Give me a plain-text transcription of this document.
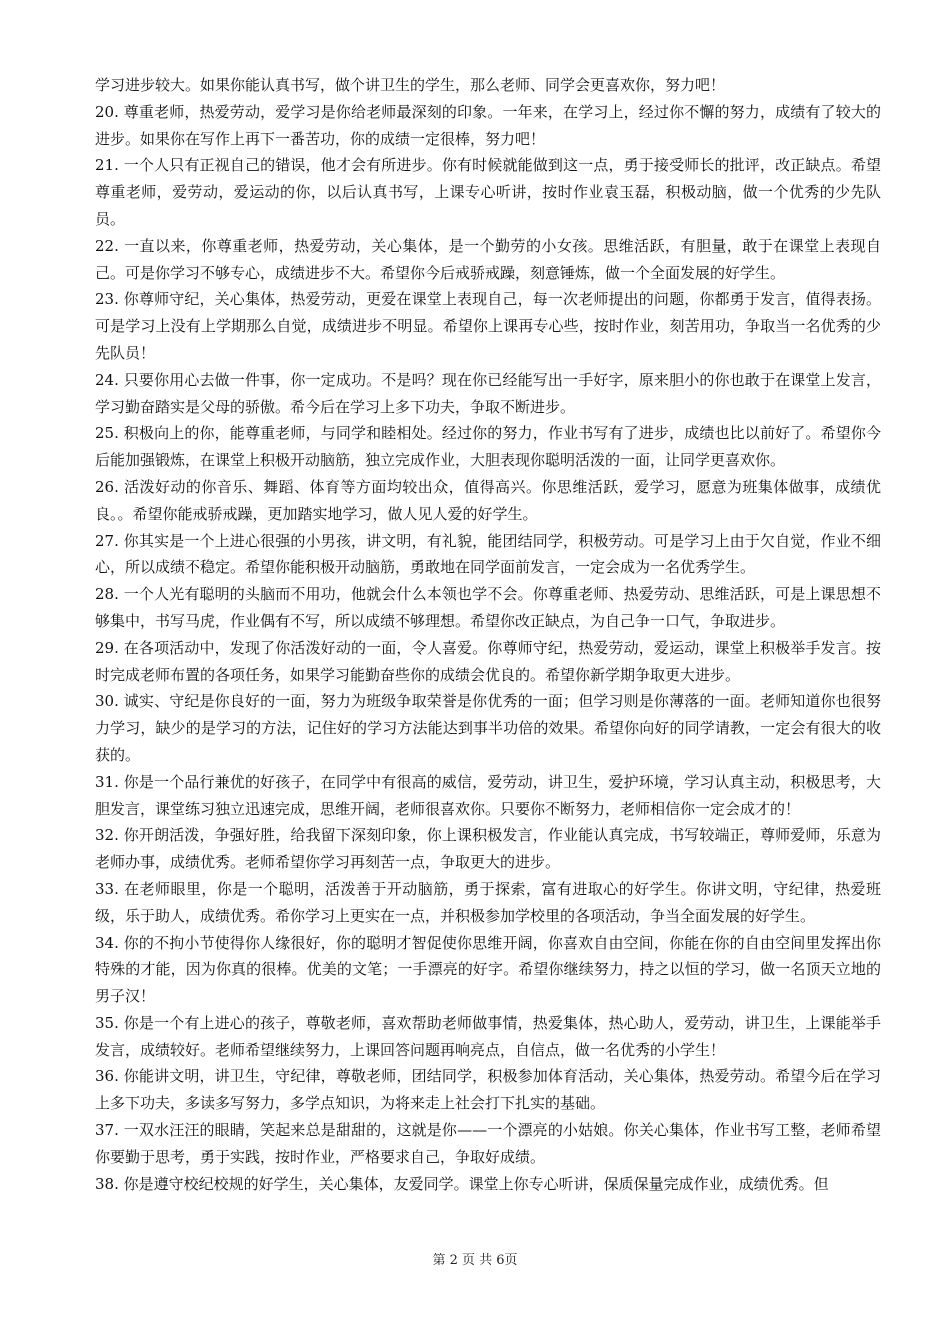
学习进步较大。如果你能认真书写，做个讲卫生的学生，那么老师、同学会更喜欢你，努力吧！

20. 尊重老师，热爱劳动，爱学习是你给老师最深刻的印象。一年来，在学习上，经过你不懈的努力，成绩有了较大的进步。如果你在写作上再下一番苦功，你的成绩一定很棒，努力吧！

21. 一个人只有正视自己的错误，他才会有所进步。你有时候就能做到这一点，勇于接受师长的批评，改正缺点。希望尊重老师，爱劳动，爱运动的你，以后认真书写，上课专心听讲，按时作业袁玉磊，积极动脑，做一个优秀的少先队员。

22. 一直以来，你尊重老师，热爱劳动，关心集体，是一个勤劳的小女孩。思维活跃，有胆量，敢于在课堂上表现自己。可是你学习不够专心，成绩进步不大。希望你今后戒骄戒躁，刻意锤炼，做一个全面发展的好学生。

23. 你尊师守纪，关心集体，热爱劳动，更爱在课堂上表现自己，每一次老师提出的问题，你都勇于发言，值得表扬。可是学习上没有上学期那么自觉，成绩进步不明显。希望你上课再专心些，按时作业，刻苦用功，争取当一名优秀的少先队员！

24. 只要你用心去做一件事，你一定成功。不是吗？现在你已经能写出一手好字，原来胆小的你也敢于在课堂上发言，学习勤奋踏实是父母的骄傲。希今后在学习上多下功夫，争取不断进步。

25. 积极向上的你，能尊重老师，与同学和睦相处。经过你的努力，作业书写有了进步，成绩也比以前好了。希望你今后能加强锻炼，在课堂上积极开动脑筋，独立完成作业，大胆表现你聪明活泼的一面，让同学更喜欢你。

26. 活泼好动的你音乐、舞蹈、体育等方面均较出众，值得高兴。你思维活跃，爱学习，愿意为班集体做事，成绩优良。。希望你能戒骄戒躁，更加踏实地学习，做人见人爱的好学生。

27. 你其实是一个上进心很强的小男孩，讲文明，有礼貌，能团结同学，积极劳动。可是学习上由于欠自觉，作业不细心，所以成绩不稳定。希望你能积极开动脑筋，勇敢地在同学面前发言，一定会成为一名优秀学生。

28. 一个人光有聪明的头脑而不用功，他就会什么本领也学不会。你尊重老师、热爱劳动、思维活跃，可是上课思想不够集中，书写马虎，作业偶有不写，所以成绩不够理想。希望你改正缺点，为自己争一口气，争取进步。

29. 在各项活动中，发现了你活泼好动的一面，令人喜爱。你尊师守纪，热爱劳动，爱运动，课堂上积极举手发言。按时完成老师布置的各项任务，如果学习能勤奋些你的成绩会优良的。希望你新学期争取更大进步。

30. 诚实、守纪是你良好的一面，努力为班级争取荣誉是你优秀的一面；但学习则是你薄落的一面。老师知道你也很努力学习，缺少的是学习的方法，记住好的学习方法能达到事半功倍的效果。希望你向好的同学请教，一定会有很大的收获的。

31. 你是一个品行兼优的好孩子，在同学中有很高的威信，爱劳动，讲卫生，爱护环境，学习认真主动，积极思考，大胆发言，课堂练习独立迅速完成，思维开阔，老师很喜欢你。只要你不断努力，老师相信你一定会成才的！

32. 你开朗活泼，争强好胜，给我留下深刻印象，你上课积极发言，作业能认真完成，书写较端正，尊师爱师，乐意为老师办事，成绩优秀。老师希望你学习再刻苦一点，争取更大的进步。

33. 在老师眼里，你是一个聪明，活泼善于开动脑筋，勇于探索，富有进取心的好学生。你讲文明，守纪律，热爱班级，乐于助人，成绩优秀。希你学习上更实在一点，并积极参加学校里的各项活动，争当全面发展的好学生。

34. 你的不拘小节使得你人缘很好，你的聪明才智促使你思维开阔，你喜欢自由空间，你能在你的自由空间里发挥出你特殊的才能，因为你真的很棒。优美的文笔；一手漂亮的好字。希望你继续努力，持之以恒的学习，做一名顶天立地的男子汉！

35. 你是一个有上进心的孩子，尊敬老师，喜欢帮助老师做事情，热爱集体，热心助人，爱劳动，讲卫生，上课能举手发言，成绩较好。老师希望继续努力，上课回答问题再响亮点，自信点，做一名优秀的小学生！

36. 你能讲文明，讲卫生，守纪律，尊敬老师，团结同学，积极参加体育活动，关心集体，热爱劳动。希望今后在学习上多下功夫，多读多写努力，多学点知识，为将来走上社会打下扎实的基础。

37. 一双水汪汪的眼睛，笑起来总是甜甜的，这就是你——一个漂亮的小姑娘。你关心集体，作业书写工整，老师希望你要勤于思考，勇于实践，按时作业，严格要求自己，争取好成绩。

38. 你是遵守校纪校规的好学生，关心集体，友爱同学。课堂上你专心听讲，保质保量完成作业，成绩优秀。但

第 2 页 共 6页
